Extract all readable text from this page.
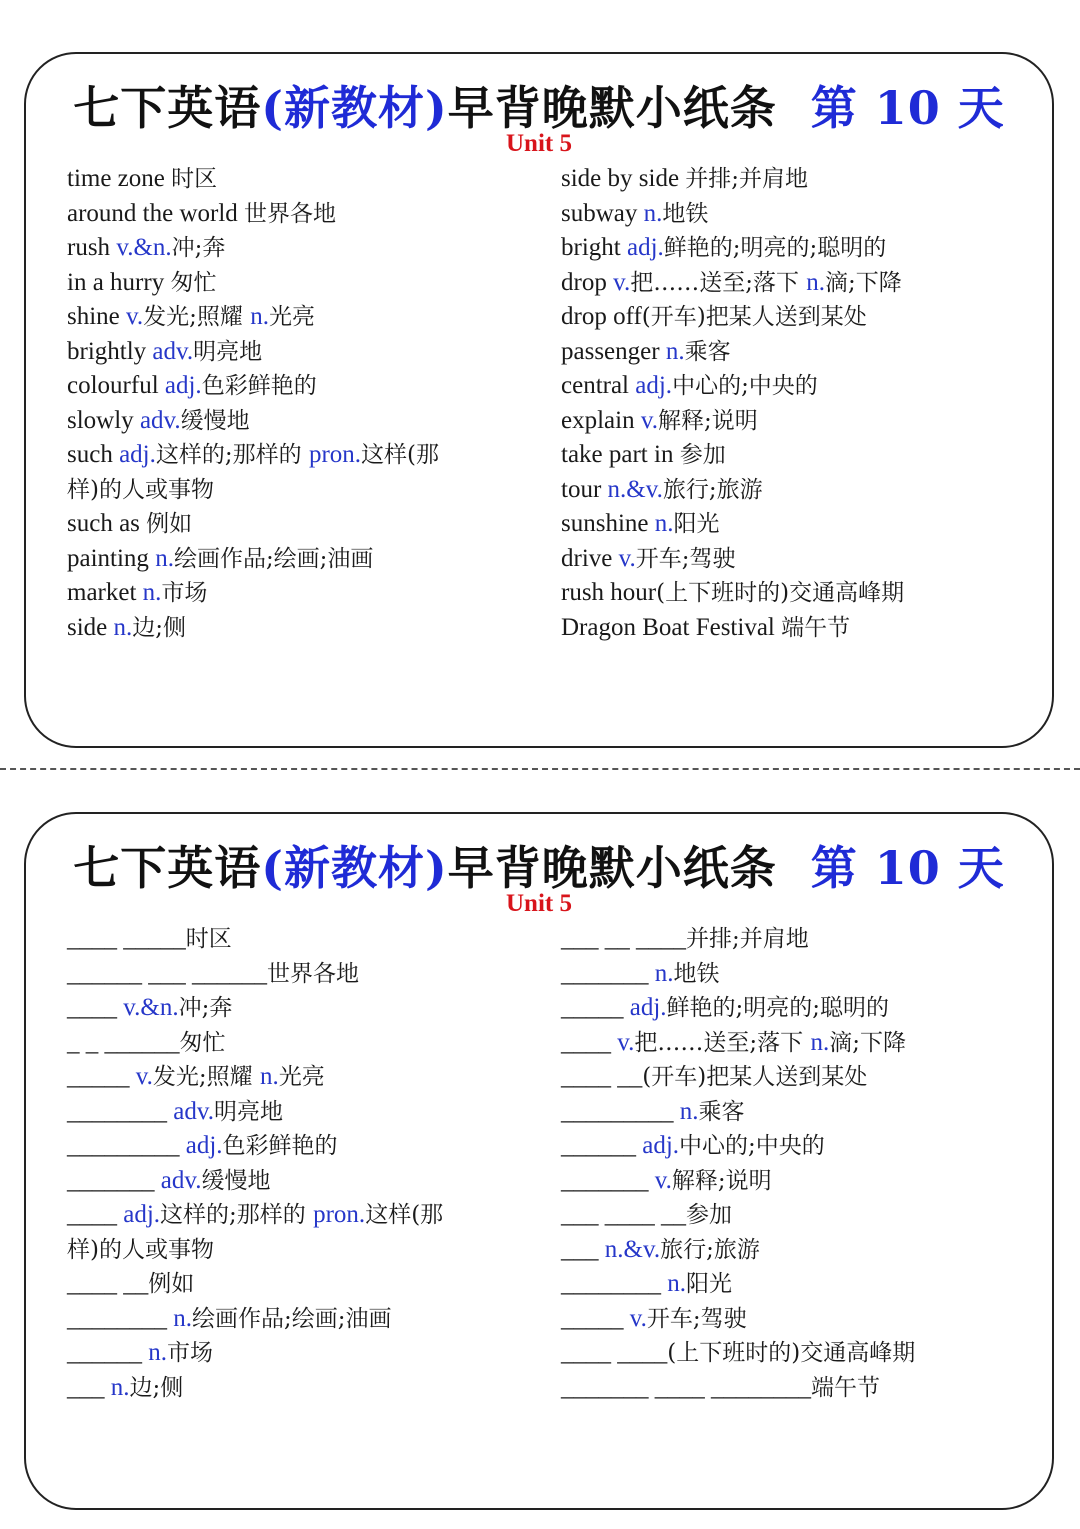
七下英语(新教材)早背晚默小纸条 第 10 天
Unit 5
time zone 时区
around the world 世界各地
rush v.&n.冲;奔
in a hurry 匆忙
shine v.发光;照耀 n.光亮
brightly adv.明亮地
colourful adj.色彩鲜艳的
slowly adv.缓慢地
such adj.这样的;那样的 pron.这样(那
样)的人或事物
such as 例如
painting n.绘画作品;绘画;油画
market n.市场
side n.边;侧
side by side 并排;并肩地
subway n.地铁
bright adj.鲜艳的;明亮的;聪明的
drop v.把……送至;落下 n.滴;下降
drop off(开车)把某人送到某处
passenger n.乘客
central adj.中心的;中央的
explain v.解释;说明
take part in 参加
tour n.&v.旅行;旅游
sunshine n.阳光
drive v.开车;驾驶
rush hour(上下班时的)交通高峰期
Dragon Boat Festival 端午节
七下英语(新教材)早背晚默小纸条 第 10 天
Unit 5
____ _____时区
______ ___ ______世界各地
____ v.&n.冲;奔
_ _ ______匆忙
_____ v.发光;照耀 n.光亮
________ adv.明亮地
_________ adj.色彩鲜艳的
_______ adv.缓慢地
____ adj.这样的;那样的 pron.这样(那
样)的人或事物
____ __例如
________ n.绘画作品;绘画;油画
______ n.市场
___ n.边;侧
___ __ ____并排;并肩地
_______ n.地铁
_____ adj.鲜艳的;明亮的;聪明的
____ v.把……送至;落下 n.滴;下降
____ __(开车)把某人送到某处
_________ n.乘客
______ adj.中心的;中央的
_______ v.解释;说明
___ ____ __参加
___ n.&v.旅行;旅游
________ n.阳光
_____ v.开车;驾驶
____ ____(上下班时的)交通高峰期
_______ ____ ________端午节
